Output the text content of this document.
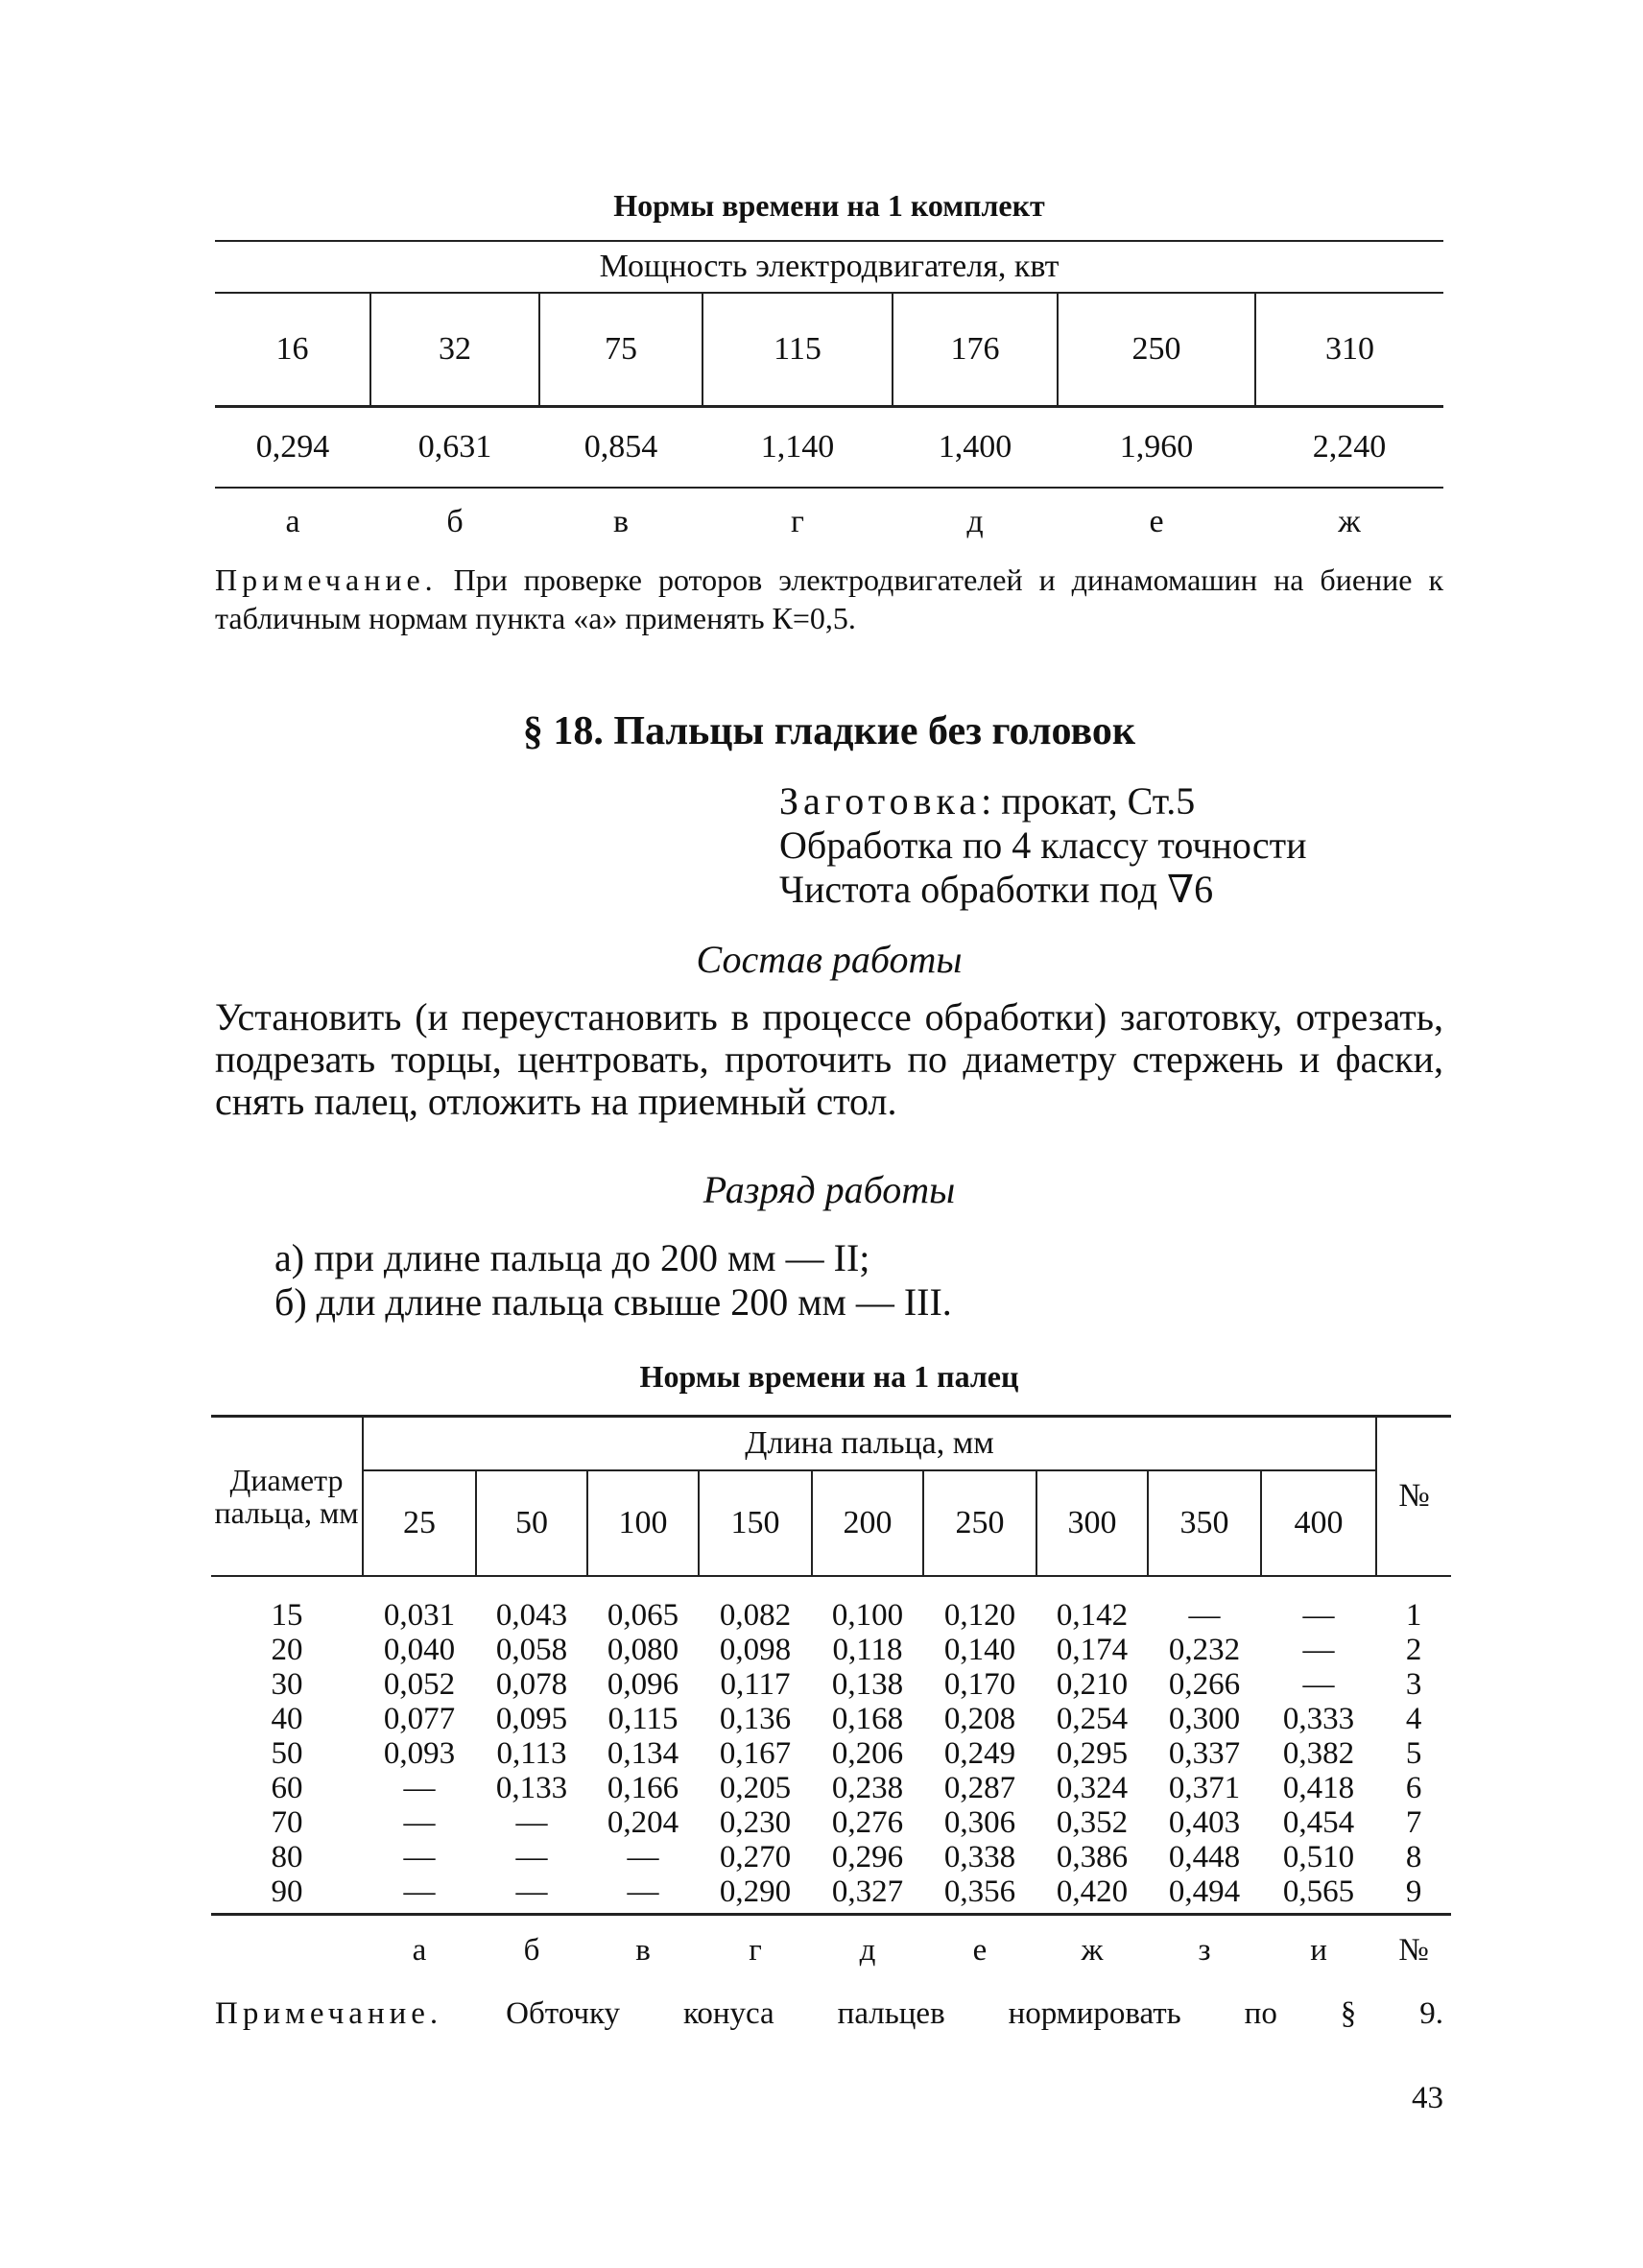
Нормы времени на 1 комплект
Мощность электродвигателя, квт						
16	32	75	115	176	250	310
0,294	0,631	0,854	1,140	1,400	1,960	2,240
а	б	в	г	д	е	ж
Примечание. При проверке роторов электродвигателей и динамомашин на биение к табличным нормам пункта «а» применять К=0,5.
§ 18. Пальцы гладкие без головок
Заготовка: прокат, Ст.5
Обработка по 4 классу точности
Чистота обработки под ∇6
Состав работы
Установить (и переустановить в процессе обработки) заготовку, отрезать, подрезать торцы, центровать, проточить по диаметру стержень и фаски, снять палец, отложить на приемный стол.
Разряд работы
а) при длине пальца до 200 мм — II;
б) дли длине пальца свыше 200 мм — III.
Нормы времени на 1 палец
Диаметр пальца, мм	Длина пальца, мм									№
	25	50	100	150	200	250	300	350	400	

15	0,031	0,043	0,065	0,082	0,100	0,120	0,142	—	—	1
20	0,040	0,058	0,080	0,098	0,118	0,140	0,174	0,232	—	2
30	0,052	0,078	0,096	0,117	0,138	0,170	0,210	0,266	—	3
40	0,077	0,095	0,115	0,136	0,168	0,208	0,254	0,300	0,333	4
50	0,093	0,113	0,134	0,167	0,206	0,249	0,295	0,337	0,382	5
60	—	0,133	0,166	0,205	0,238	0,287	0,324	0,371	0,418	6
70	—	—	0,204	0,230	0,276	0,306	0,352	0,403	0,454	7
80	—	—	—	0,270	0,296	0,338	0,386	0,448	0,510	8
90	—	—	—	0,290	0,327	0,356	0,420	0,494	0,565	9
	а	б	в	г	д	е	ж	з	и	№
Примечание. Обточку конуса пальцев нормировать по § 9.
43
